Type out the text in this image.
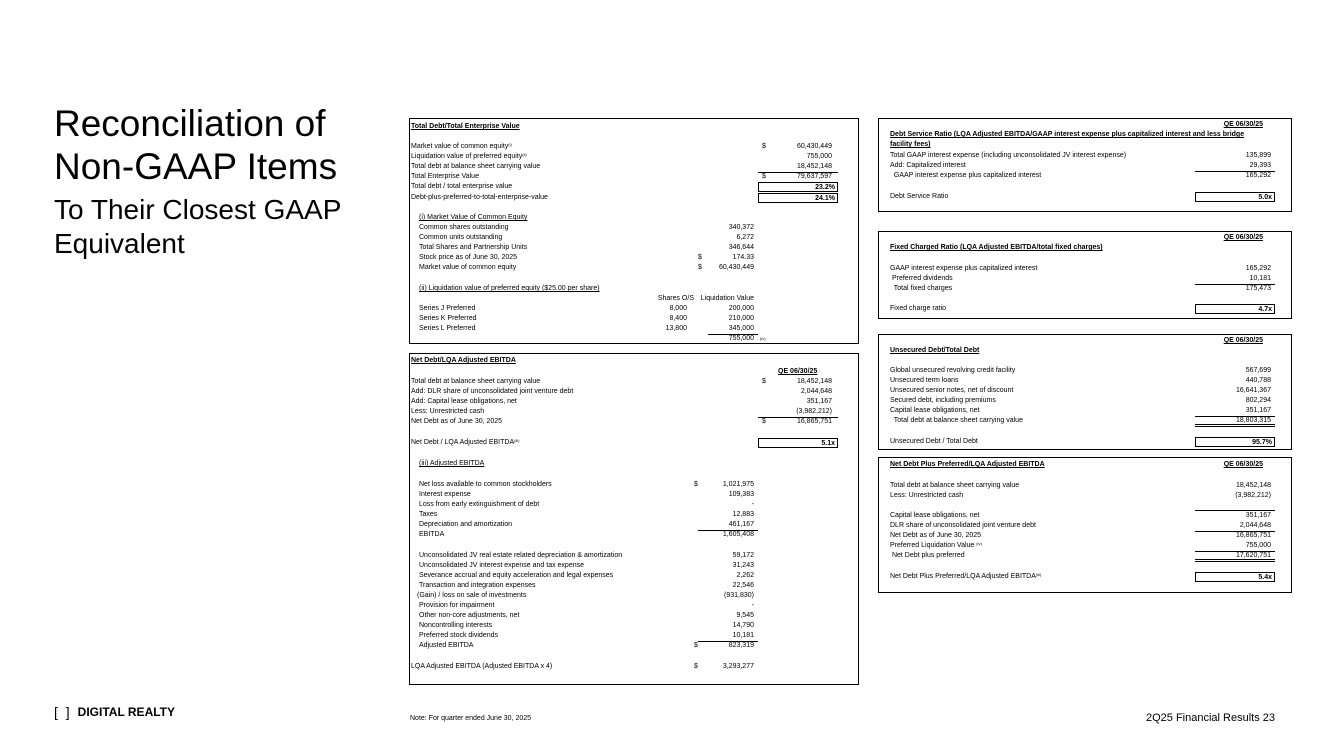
Reconciliation of
Non-GAAP Items
To Their Closest GAAP
Equivalent
Total Debt/Total Enterprise Value
Market value of common equity$^{(i)}$	$	60,430,449
Liquidation value of preferred equity$^{(ii)}$	755,000
Total debt at balance sheet carrying value	18,452,148
Total Enterprise Value	$	79,637,597
Total debt / total enterprise value	23.2%
Debt-plus-preferred-to-total-enterprise-value	24.1%
(i) Market Value of Common Equity
Common shares outstanding	340,372
Common units outstanding	6,272
Total Shares and Partnership Units	346,644
Stock price as of June 30, 2025	$	174.33
Market value of common equity	$ 60,430,449
(ii) Liquidation value of preferred equity ($25.00 per share)
Shares O/S Liquidation Value
Series J Preferred	8,000	200,000
Series K Preferred	8,400	210,000
Series L Preferred	13,800	345,000
755,000 (iv)
Net Debt/LQA Adjusted EBITDA
QE 06/30/25
Total debt at balance sheet carrying value	$	18,452,148
Add: DLR share of unconsolidated joint venture debt	2,044,648
Add: Capital lease obligations, net	351,167
Less: Unrestricted cash	(3,982,212)
Net Debt as of June 30, 2025	$	16,865,751
Net Debt / LQA Adjusted EBITDA$^{(iii)}$	5.1x
(iii) Adjusted EBITDA
Net loss available to common stockholders	$	1,021,975
Interest expense	109,383
Loss from early extinguishment of debt	-
Taxes	12,883
Depreciation and amortization	461,167
EBITDA	1,605,408
Unconsolidated JV real estate related depreciation & amortization	59,172
Unconsolidated JV interest expense and tax expense	31,243
Severance accrual and equity acceleration and legal expenses	2,262
Transaction and integration expenses	22,546
(Gain) / loss on sale of investments	(931,830)
Provision for impairment	-
Other non-core adjustments, net	9,545
Noncontrolling interests	14,790
Preferred stock dividends	10,181
Adjusted EBITDA	$	823,319
LQA Adjusted EBITDA (Adjusted EBITDA x 4)	$	3,293,277
QE 06/30/25
Debt Service Ratio (LQA Adjusted EBITDA/GAAP interest expense plus capitalized interest and less bridge
facility fees)
Total GAAP interest expense (including unconsolidated JV interest expense)	135,899
Add: Capitalized interest	29,393
GAAP interest expense plus capitalized interest	165,292
Debt Service Ratio	5.0x
QE 06/30/25
Fixed Charged Ratio (LQA Adjusted EBITDA/total fixed charges)
GAAP interest expense plus capitalized interest	165,292
Preferred dividends	10,181
Total fixed charges	175,473
Fixed charge ratio	4.7x
QE 06/30/25
Unsecured Debt/Total Debt
Global unsecured revolving credit facility	567,699
Unsecured term loans	440,788
Unsecured senior notes, net of discount	16,641,367
Secured debt, including premiums	802,294
Capital lease obligations, net	351,167
Total debt at balance sheet carrying value	18,803,315
Unsecured Debt / Total Debt	95.7%
Net Debt Plus Preferred/LQA Adjusted EBITDA	QE 06/30/25
Total debt at balance sheet carrying value	18,452,148
Less: Unrestricted cash	(3,982,212)
Capital lease obligations, net	351,167
DLR share of unconsolidated joint venture debt	2,044,648
Net Debt as of June 30, 2025	16,865,751
Preferred Liquidation Value $^{(iv)}$	755,000
Net Debt plus preferred	17,620,751
Net Debt Plus Preferred/LQA Adjusted EBITDA$^{(iii)}$	5.4x
[ ] DIGITAL REALTY	Note: For quarter ended June 30, 2025	2Q25 Financial Results 23
